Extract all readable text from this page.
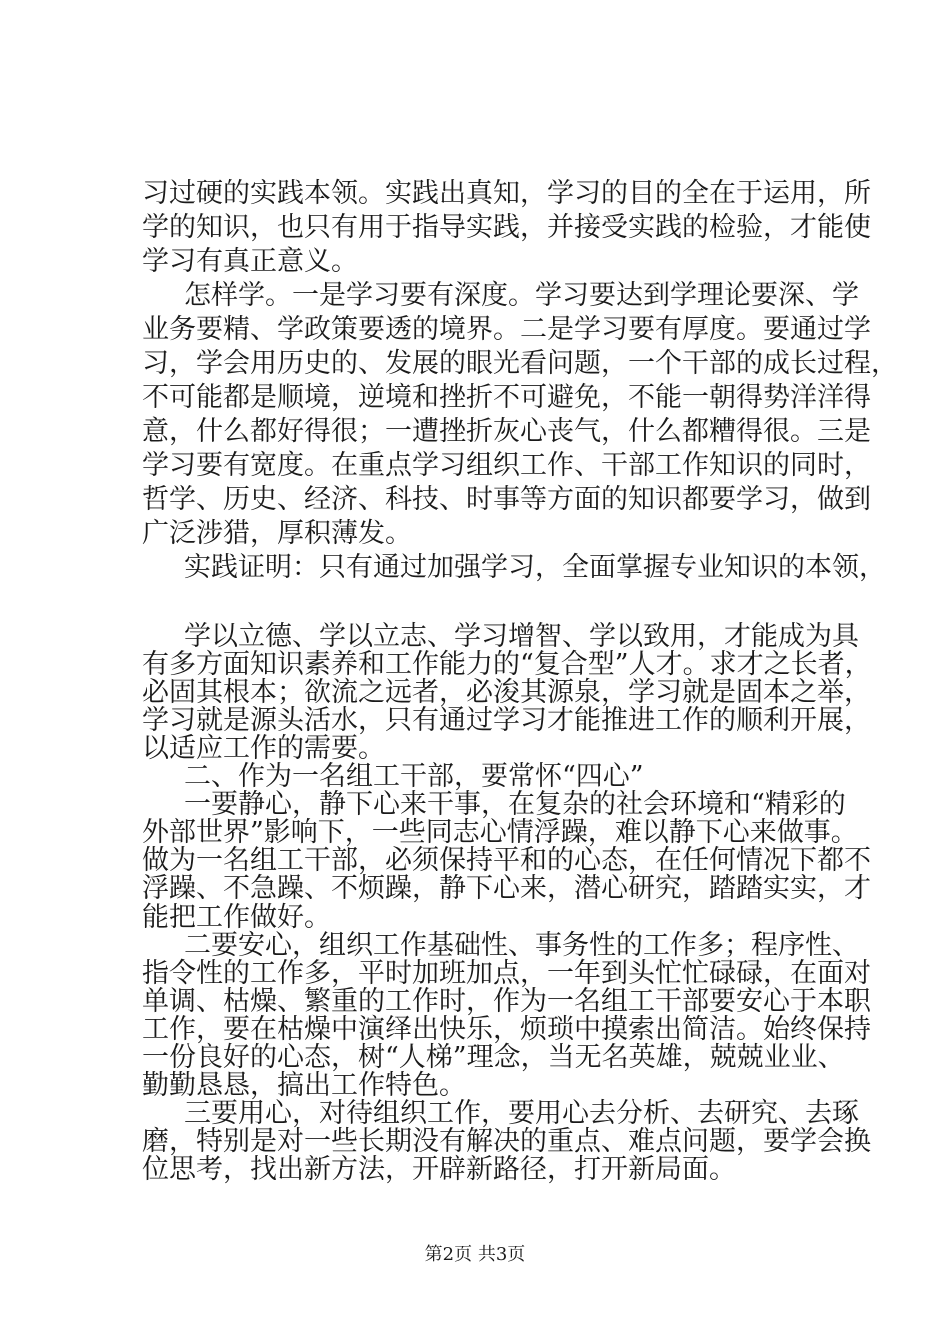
习过硬的实践本领。实践出真知，学习的目的全在于运用，所
学的知识，也只有用于指导实践，并接受实践的检验，才能使
学习有真正意义。
怎样学。一是学习要有深度。学习要达到学理论要深、学
业务要精、学政策要透的境界。二是学习要有厚度。要通过学
习，学会用历史的、发展的眼光看问题，一个干部的成长过程，
不可能都是顺境，逆境和挫折不可避免，不能一朝得势洋洋得
意，什么都好得很；一遭挫折灰心丧气，什么都糟得很。三是
学习要有宽度。在重点学习组织工作、干部工作知识的同时，
哲学、历史、经济、科技、时事等方面的知识都要学习，做到
广泛涉猎，厚积薄发。
实践证明：只有通过加强学习，全面掌握专业知识的本领，
学以立德、学以立志、学习增智、学以致用，才能成为具
有多方面知识素养和工作能力的“复合型”人才。求才之长者，
必固其根本；欲流之远者，必浚其源泉，学习就是固本之举，
学习就是源头活水，只有通过学习才能推进工作的顺利开展，
以适应工作的需要。
二、作为一名组工干部，要常怀“四心”
一要静心，静下心来干事，在复杂的社会环境和“精彩的
外部世界”影响下，一些同志心情浮躁，难以静下心来做事。
做为一名组工干部，必须保持平和的心态，在任何情况下都不
浮躁、不急躁、不烦躁，静下心来，潜心研究，踏踏实实，才
能把工作做好。
二要安心，组织工作基础性、事务性的工作多；程序性、
指令性的工作多，平时加班加点，一年到头忙忙碌碌，在面对
单调、枯燥、繁重的工作时，作为一名组工干部要安心于本职
工作，要在枯燥中演绎出快乐，烦琐中摸索出简洁。始终保持
一份良好的心态，树“人梯”理念，当无名英雄，兢兢业业、
勤勤恳恳，搞出工作特色。
三要用心，对待组织工作，要用心去分析、去研究、去琢
第2页 共3页
磨，特别是对一些长期没有解决的重点、难点问题，要学会换
位思考，找出新方法，开辟新路径，打开新局面。
